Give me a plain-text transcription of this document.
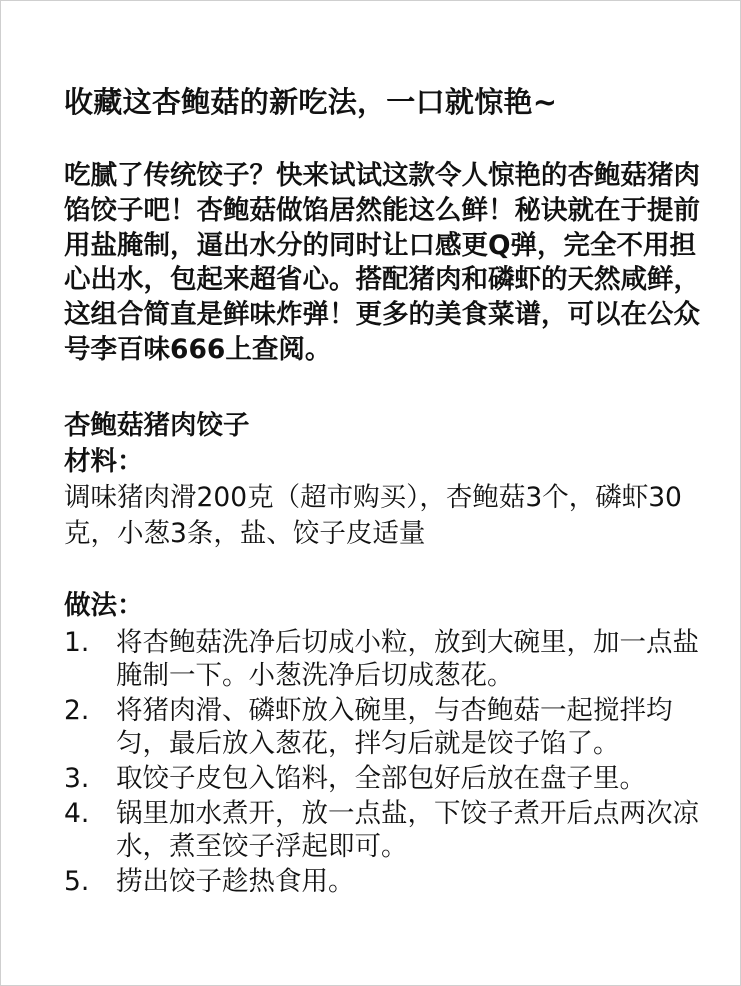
收藏这杏鲍菇的新吃法，一口就惊艳~
吃腻了传统饺子？快来试试这款令人惊艳的杏鲍菇猪肉馅饺子吧！杏鲍菇做馅居然能这么鲜！秘诀就在于提前用盐腌制，逼出水分的同时让口感更Q弹，完全不用担心出水，包起来超省心。搭配猪肉和磷虾的天然咸鲜，这组合简直是鲜味炸弹！更多的美食菜谱，可以在公众号李百味666上查阅。
杏鲍菇猪肉饺子
材料：
调味猪肉滑200克（超市购买），杏鲍菇3个，磷虾30克，小葱3条，盐、饺子皮适量
做法：
1.	将杏鲍菇洗净后切成小粒，放到大碗里，加一点盐腌制一下。小葱洗净后切成葱花。
2.	将猪肉滑、磷虾放入碗里，与杏鲍菇一起搅拌均匀，最后放入葱花，拌匀后就是饺子馅了。
3.	取饺子皮包入馅料，全部包好后放在盘子里。
4.	锅里加水煮开，放一点盐，下饺子煮开后点两次凉水，煮至饺子浮起即可。
5.	捞出饺子趁热食用。
